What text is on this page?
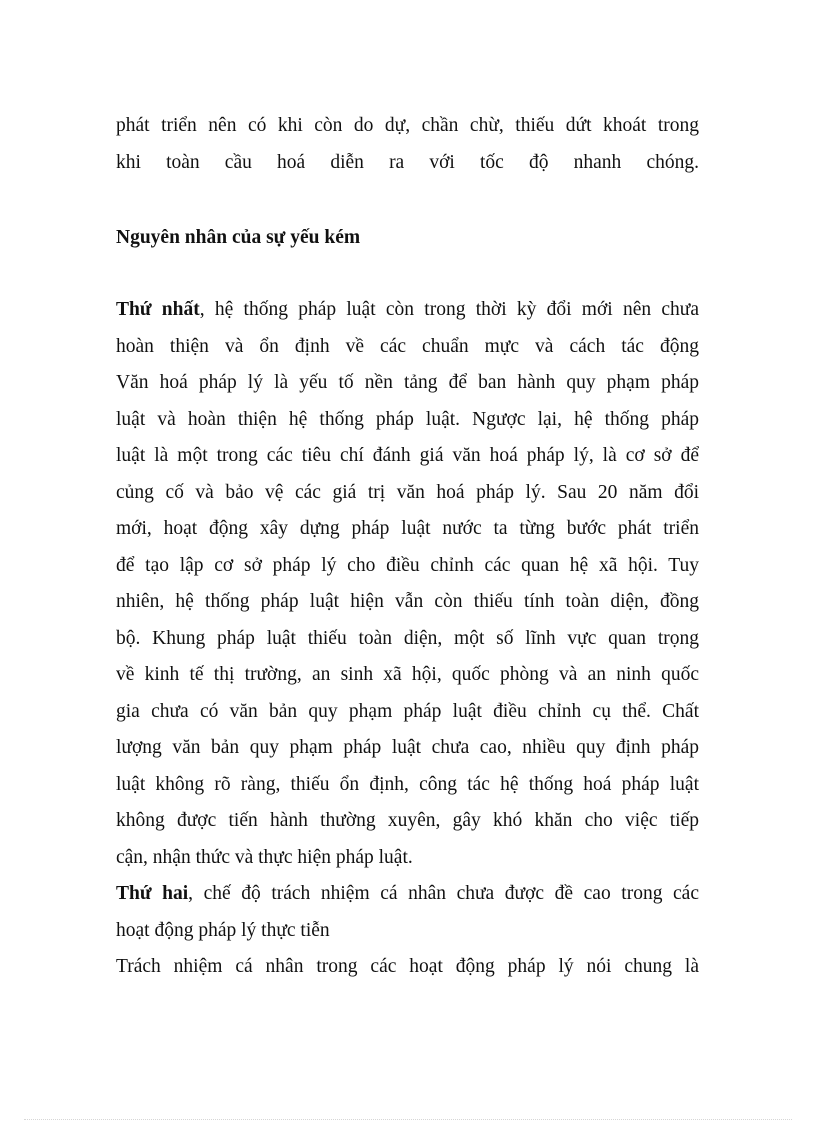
phát triển nên có khi còn do dự, chần chừ, thiếu dứt khoát trong
khi toàn cầu hoá diễn ra với tốc độ nhanh chóng.
Nguyên nhân của sự yếu kém
Thứ nhất, hệ thống pháp luật còn trong thời kỳ đổi mới nên chưa
hoàn thiện và ổn định về các chuẩn mực và cách tác động
Văn hoá pháp lý là yếu tố nền tảng để ban hành quy phạm pháp
luật và hoàn thiện hệ thống pháp luật. Ngược lại, hệ thống pháp
luật là một trong các tiêu chí đánh giá văn hoá pháp lý, là cơ sở để
củng cố và bảo vệ các giá trị văn hoá pháp lý. Sau 20 năm đổi
mới, hoạt động xây dựng pháp luật nước ta từng bước phát triển
để tạo lập cơ sở pháp lý cho điều chỉnh các quan hệ xã hội. Tuy
nhiên, hệ thống pháp luật hiện vẫn còn thiếu tính toàn diện, đồng
bộ. Khung pháp luật thiếu toàn diện, một số lĩnh vực quan trọng
về kinh tế thị trường, an sinh xã hội, quốc phòng và an ninh quốc
gia chưa có văn bản quy phạm pháp luật điều chỉnh cụ thể. Chất
lượng văn bản quy phạm pháp luật chưa cao, nhiều quy định pháp
luật không rõ ràng, thiếu ổn định, công tác hệ thống hoá pháp luật
không được tiến hành thường xuyên, gây khó khăn cho việc tiếp
cận, nhận thức và thực hiện pháp luật.
Thứ hai, chế độ trách nhiệm cá nhân chưa được đề cao trong các
hoạt động pháp lý thực tiễn
Trách nhiệm cá nhân trong các hoạt động pháp lý nói chung là
